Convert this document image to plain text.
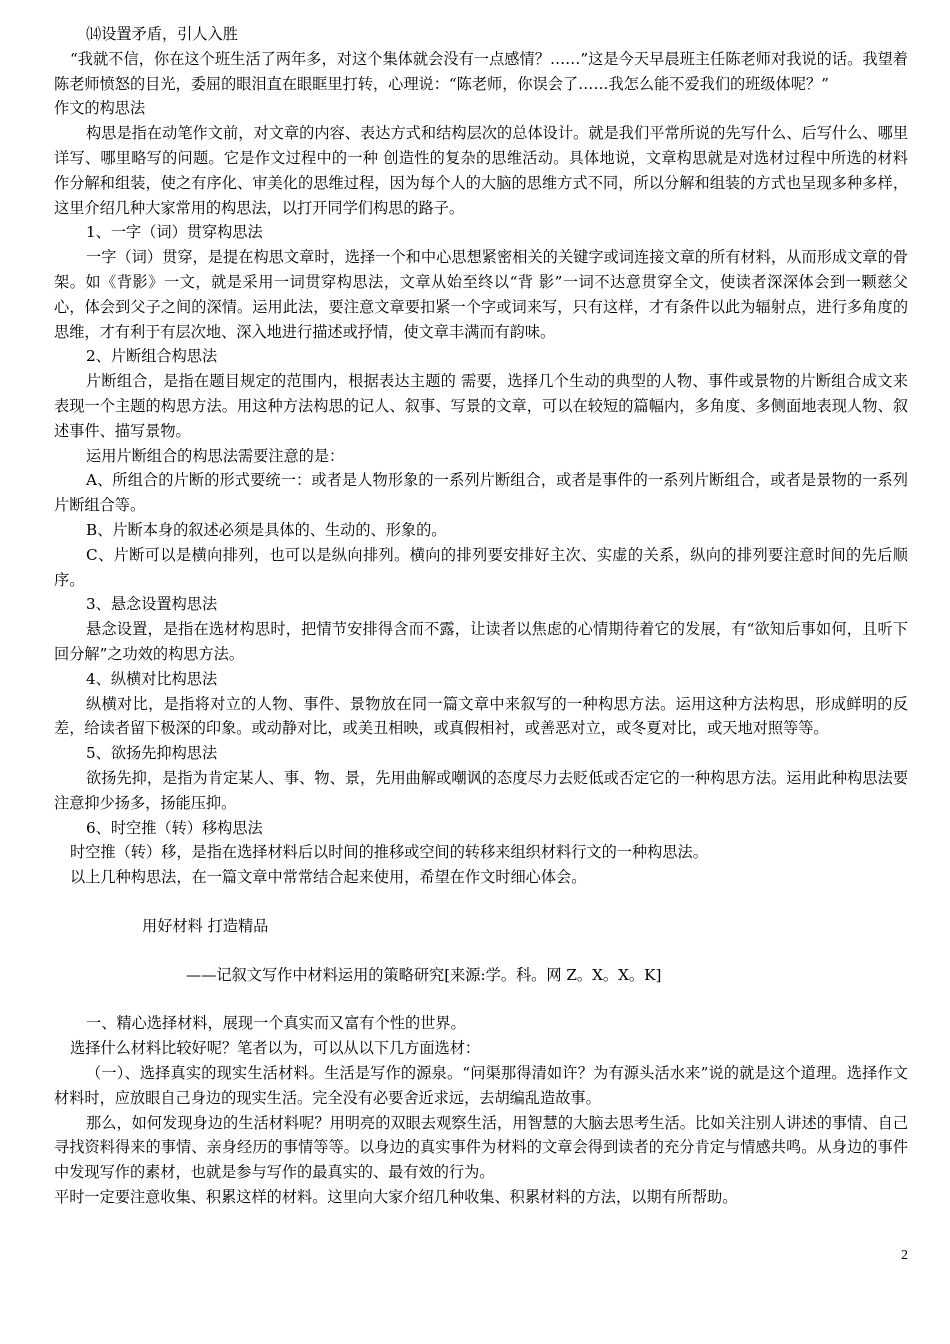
⒁设置矛盾，引人入胜

“我就不信，你在这个班生活了两年多，对这个集体就会没有一点感情？……”这是今天早晨班主任陈老师对我说的话。我望着陈老师愤怒的目光，委屈的眼泪直在眼眶里打转，心理说：“陈老师，你误会了……我怎么能不爱我们的班级体呢？”

作文的构思法

构思是指在动笔作文前，对文章的内容、表达方式和结构层次的总体设计。就是我们平常所说的先写什么、后写什么、哪里详写、哪里略写的问题。它是作文过程中的一种 创造性的复杂的思维活动。具体地说，文章构思就是对选材过程中所选的材料作分解和组装，使之有序化、审美化的思维过程，因为每个人的大脑的思维方式不同，所以分解和组装的方式也呈现多种多样，这里介绍几种大家常用的构思法，以打开同学们构思的路子。

1、一字（词）贯穿构思法

一字（词）贯穿，是提在构思文章时，选择一个和中心思想紧密相关的关键字或词连接文章的所有材料，从而形成文章的骨架。如《背影》一文，就是采用一词贯穿构思法，文章从始至终以“背 影”一词不达意贯穿全文，使读者深深体会到一颗慈父心，体会到父子之间的深情。运用此法，要注意文章要扣紧一个字或词来写，只有这样，才有条件以此为辐射点，进行多角度的思维，才有利于有层次地、深入地进行描述或抒情，使文章丰满而有韵味。

2、片断组合构思法

片断组合，是指在题目规定的范围内，根据表达主题的 需要，选择几个生动的典型的人物、事件或景物的片断组合成文来表现一个主题的构思方法。用这种方法构思的记人、叙事、写景的文章，可以在较短的篇幅内，多角度、多侧面地表现人物、叙述事件、描写景物。

运用片断组合的构思法需要注意的是：

A、所组合的片断的形式要统一：或者是人物形象的一系列片断组合，或者是事件的一系列片断组合，或者是景物的一系列片断组合等。

B、片断本身的叙述必须是具体的、生动的、形象的。

C、片断可以是横向排列，也可以是纵向排列。横向的排列要安排好主次、实虚的关系，纵向的排列要注意时间的先后顺序。

3、悬念设置构思法

悬念设置，是指在选材构思时，把情节安排得含而不露，让读者以焦虑的心情期待着它的发展，有“欲知后事如何，且听下回分解”之功效的构思方法。

4、纵横对比构思法

纵横对比，是指将对立的人物、事件、景物放在同一篇文章中来叙写的一种构思方法。运用这种方法构思，形成鲜明的反差，给读者留下极深的印象。或动静对比，或美丑相映，或真假相衬，或善恶对立，或冬夏对比，或天地对照等等。

5、欲扬先抑构思法

欲扬先抑，是指为肯定某人、事、物、景，先用曲解或嘲讽的态度尽力去贬低或否定它的一种构思方法。运用此种构思法要注意抑少扬多，扬能压抑。

6、时空推（转）移构思法

时空推（转）移，是指在选择材料后以时间的推移或空间的转移来组织材料行文的一种构思法。

以上几种构思法，在一篇文章中常常结合起来使用，希望在作文时细心体会。

用好材料 打造精品

——记叙文写作中材料运用的策略研究[来源:学。科。网 Z。X。X。K]

一、精心选择材料，展现一个真实而又富有个性的世界。

选择什么材料比较好呢？笔者以为，可以从以下几方面选材：

（一）、选择真实的现实生活材料。生活是写作的源泉。“问渠那得清如许？为有源头活水来”说的就是这个道理。选择作文材料时，应放眼自己身边的现实生活。完全没有必要舍近求远，去胡编乱造故事。

那么，如何发现身边的生活材料呢？用明亮的双眼去观察生活，用智慧的大脑去思考生活。比如关注别人讲述的事情、自己寻找资料得来的事情、亲身经历的事情等等。以身边的真实事件为材料的文章会得到读者的充分肯定与情感共鸣。从身边的事件中发现写作的素材，也就是参与写作的最真实的、最有效的行为。

平时一定要注意收集、积累这样的材料。这里向大家介绍几种收集、积累材料的方法，以期有所帮助。

2
